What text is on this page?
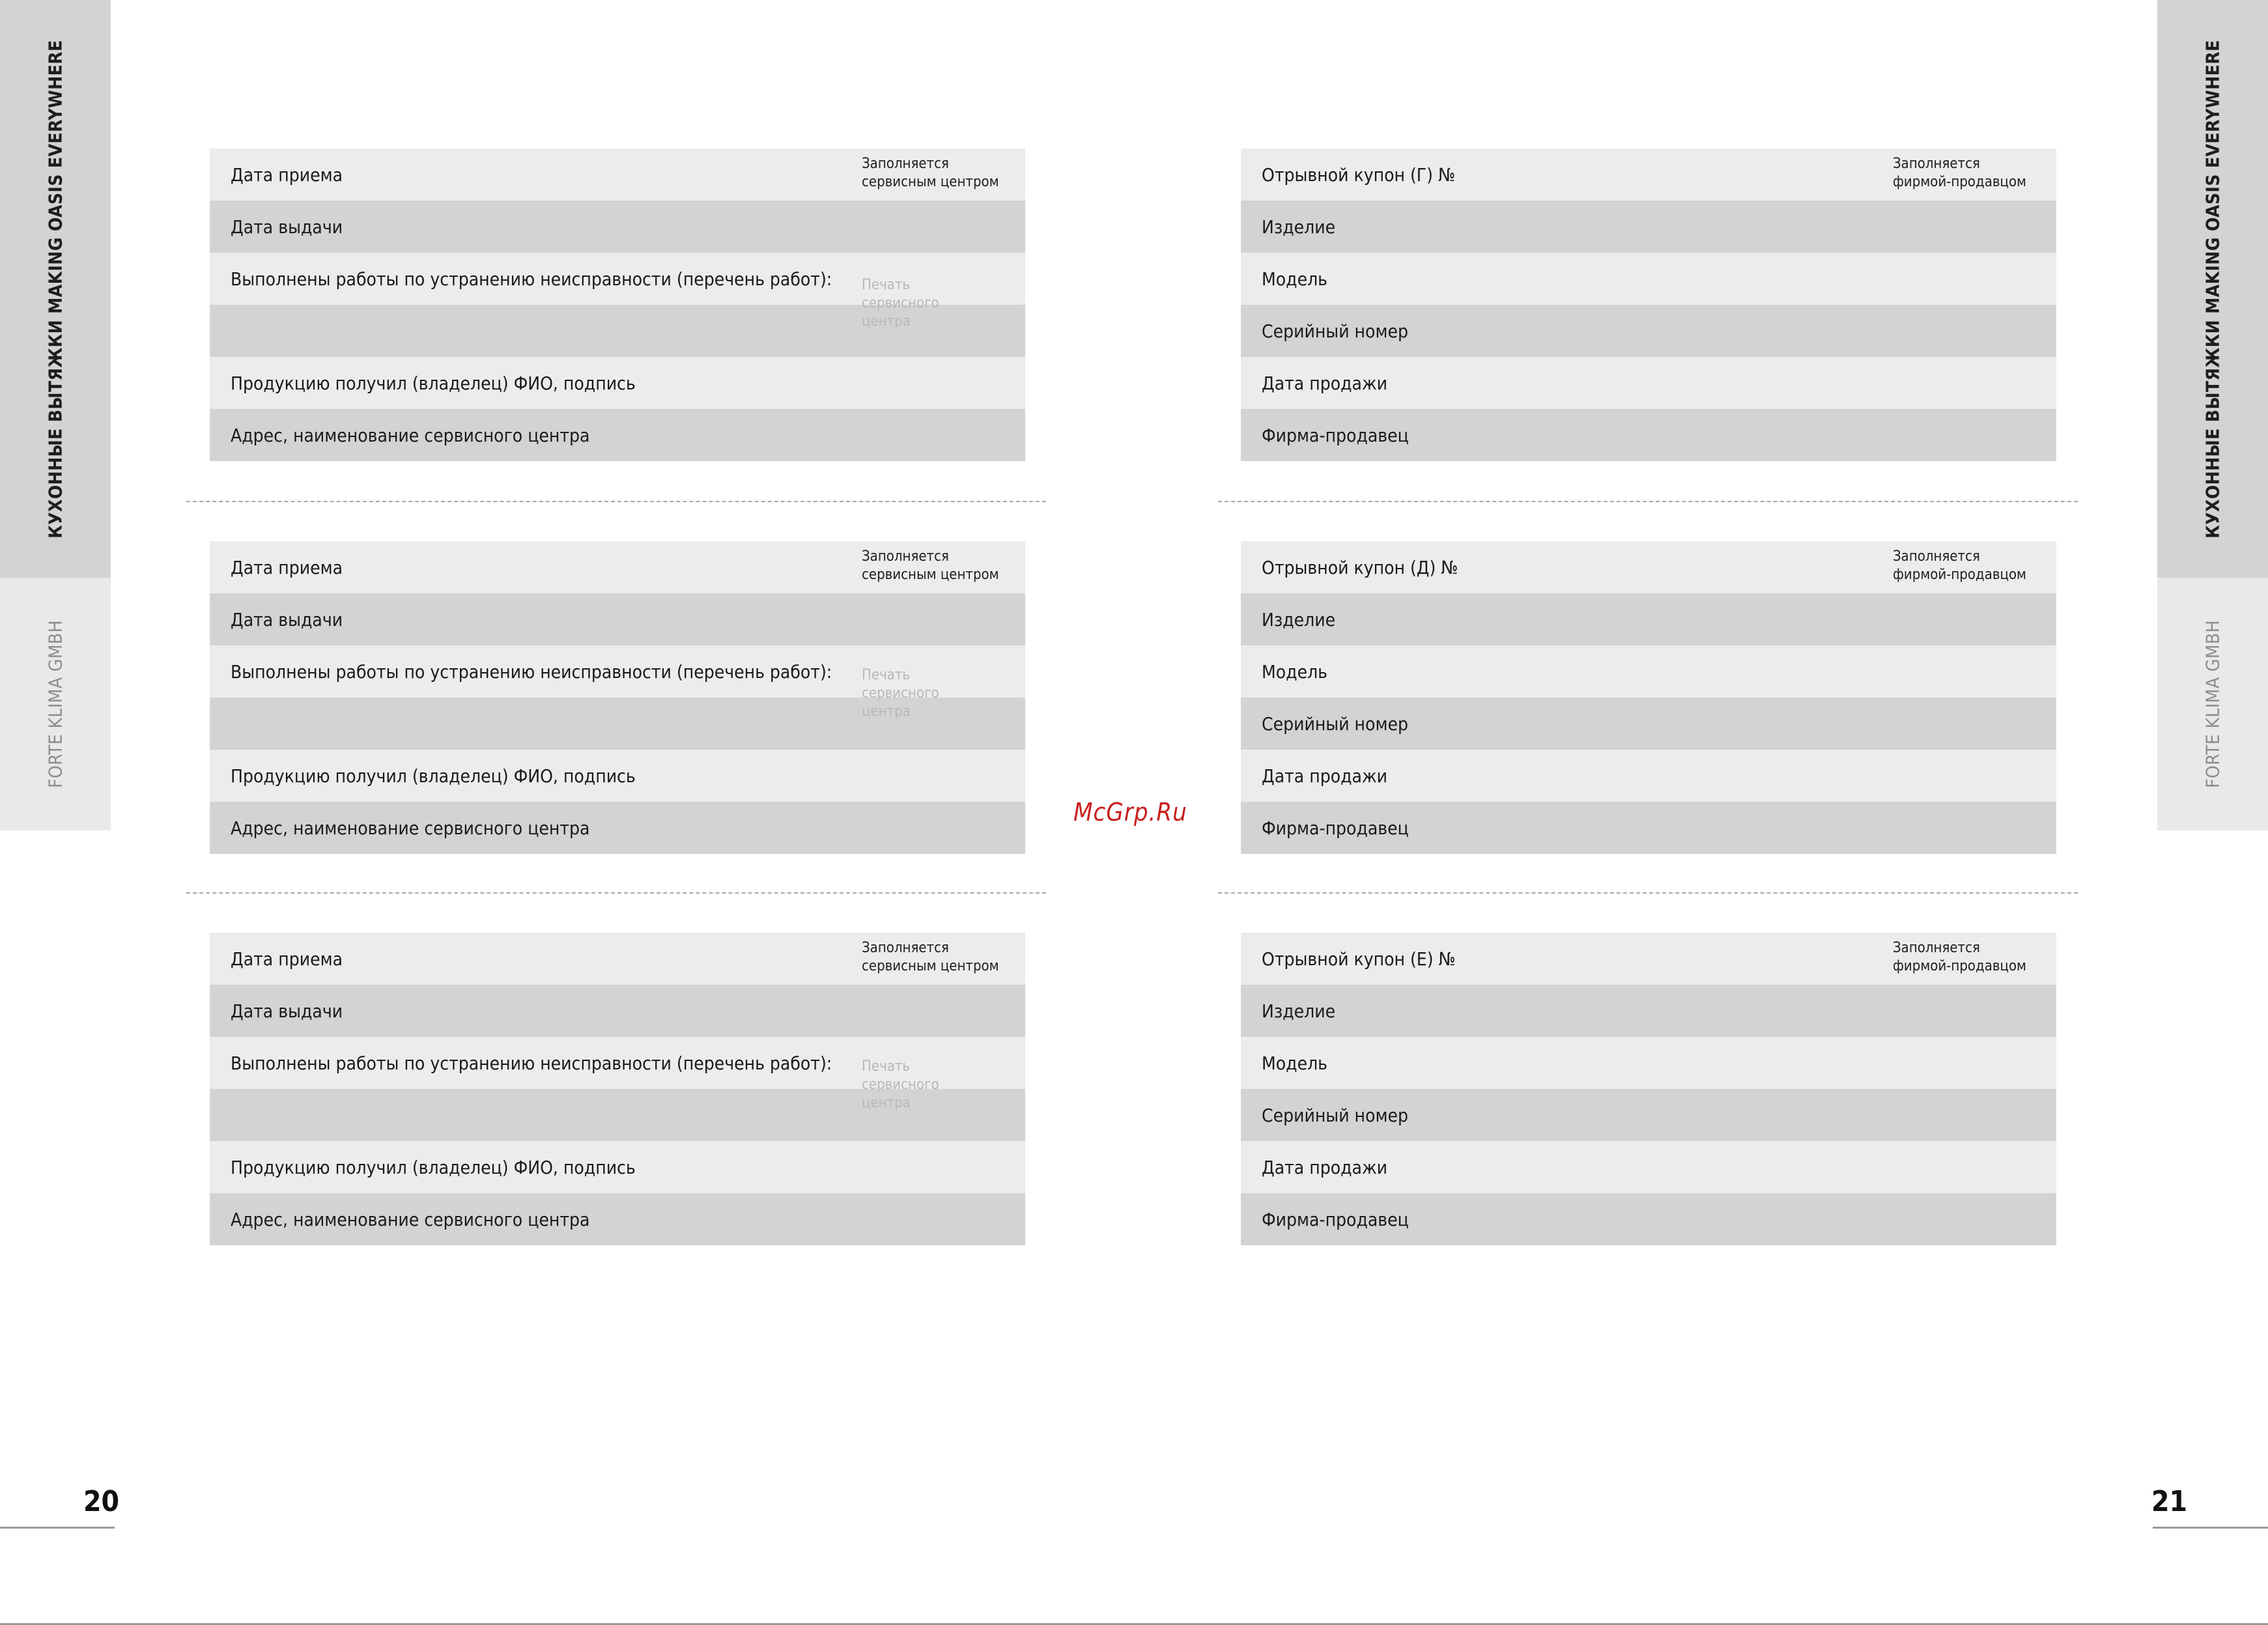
КУХОННЫЕ ВЫТЯЖКИ MAKING OASIS EVERYWHERE
FORTE KLIMA GMBH
КУХОННЫЕ ВЫТЯЖКИ MAKING OASIS EVERYWHERE
FORTE KLIMA GMBH
Дата приема
Дата выдачи
Выполнены работы по устранению неисправности (перечень работ):
Продукцию получил (владелец) ФИО, подпись
Адрес, наименование сервисного центра
Заполняется
сервисным центром
Печать
сервисного
центра
Дата приема
Дата выдачи
Выполнены работы по устранению неисправности (перечень работ):
Продукцию получил (владелец) ФИО, подпись
Адрес, наименование сервисного центра
Заполняется
сервисным центром
Печать
сервисного
центра
Дата приема
Дата выдачи
Выполнены работы по устранению неисправности (перечень работ):
Продукцию получил (владелец) ФИО, подпись
Адрес, наименование сервисного центра
Заполняется
сервисным центром
Печать
сервисного
центра
Отрывной купон (Г) №
Изделие
Модель
Серийный номер
Дата продажи
Фирма-продавец
Заполняется
фирмой-продавцом
Отрывной купон (Д) №
Изделие
Модель
Серийный номер
Дата продажи
Фирма-продавец
Заполняется
фирмой-продавцом
Отрывной купон (Е) №
Изделие
Модель
Серийный номер
Дата продажи
Фирма-продавец
Заполняется
фирмой-продавцом
McGrp.Ru
20	21
